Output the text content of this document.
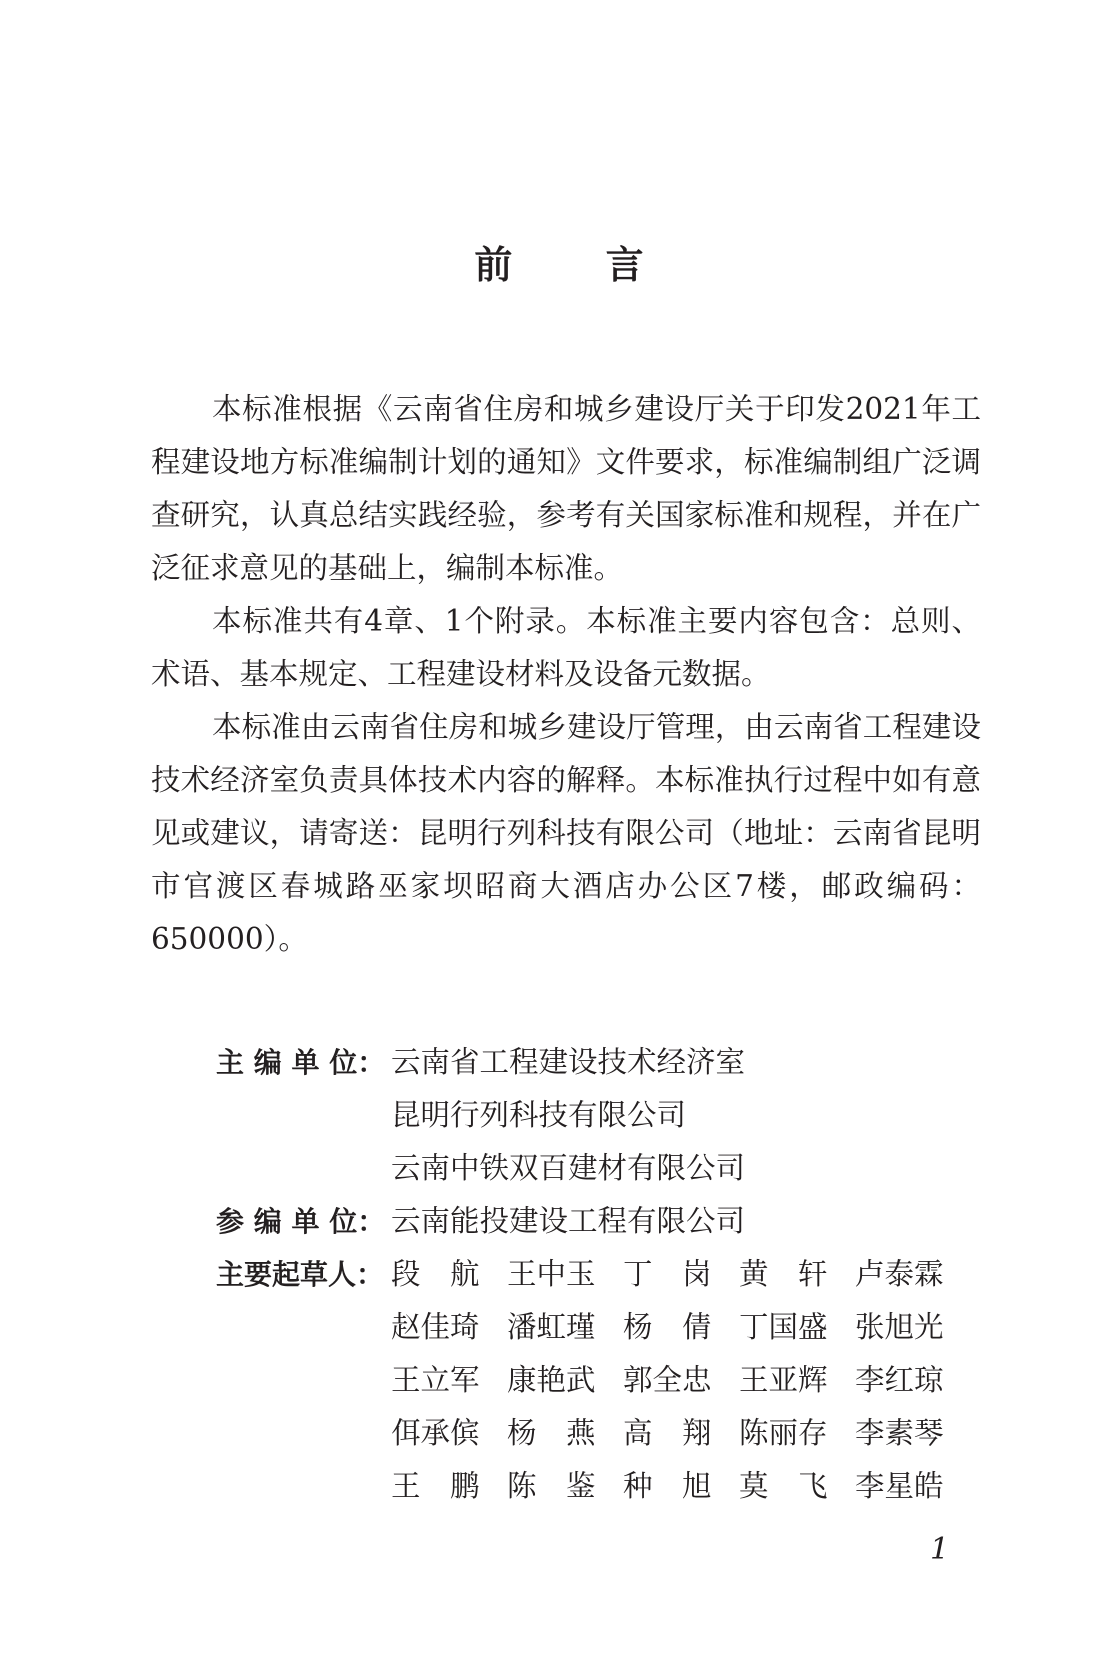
前 言

本标准根据《云南省住房和城乡建设厅关于印发2021年工程建设地方标准编制计划的通知》文件要求，标准编制组广泛调查研究，认真总结实践经验，参考有关国家标准和规程，并在广泛征求意见的基础上，编制本标准。

本标准共有4章、1个附录。本标准主要内容包含：总则、术语、基本规定、工程建设材料及设备元数据。

本标准由云南省住房和城乡建设厅管理，由云南省工程建设技术经济室负责具体技术内容的解释。本标准执行过程中如有意见或建议，请寄送：昆明行列科技有限公司（地址：云南省昆明市官渡区春城路巫家坝昭商大酒店办公区7楼，邮政编码：650000）。

主 编 单 位： 云南省工程建设技术经济室
昆明行列科技有限公司
云南中铁双百建材有限公司
参 编 单 位： 云南能投建设工程有限公司
主要起草人： 段　航 王中玉 丁　岗 黄　轩 卢泰霖
赵佳琦 潘虹瑾 杨　倩 丁国盛 张旭光
王立军 康艳武 郭全忠 王亚辉 李红琼
佴承傧 杨　燕 高　翔 陈丽存 李素琴
王　鹏 陈　鉴 种　旭 莫　飞 李星皓
1
